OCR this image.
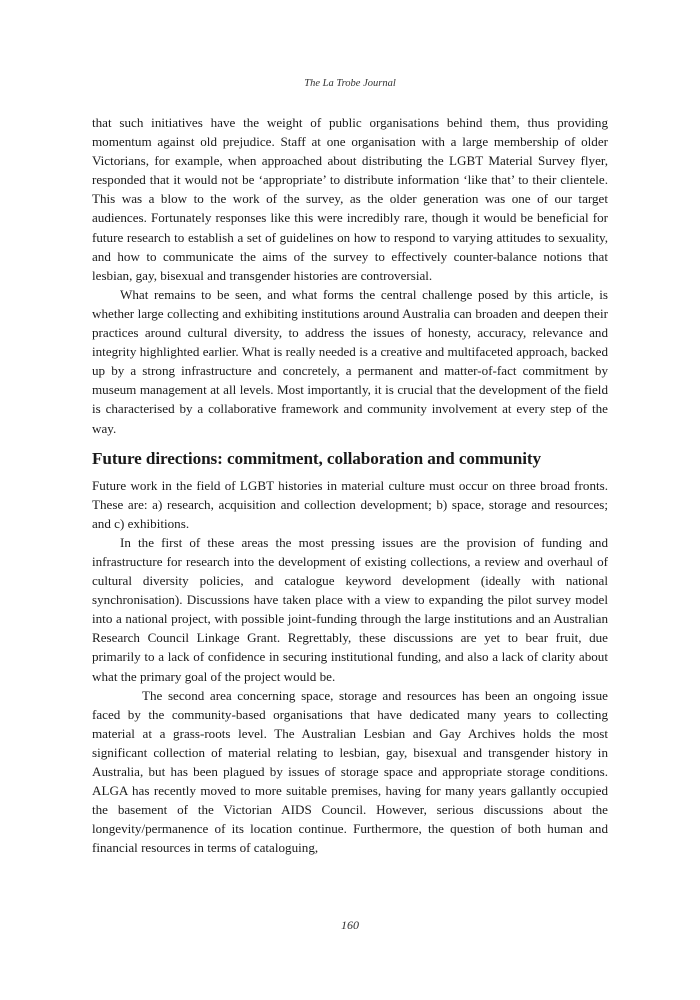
The La Trobe Journal

that such initiatives have the weight of public organisations behind them, thus providing momentum against old prejudice. Staff at one organisation with a large membership of older Victorians, for example, when approached about distributing the LGBT Material Survey flyer, responded that it would not be ‘appropriate’ to distribute information ‘like that’ to their clientele. This was a blow to the work of the survey, as the older generation was one of our target audiences. Fortunately responses like this were incredibly rare, though it would be beneficial for future research to establish a set of guidelines on how to respond to varying attitudes to sexuality, and how to communicate the aims of the survey to effectively counter-balance notions that lesbian, gay, bisexual and transgender histories are controversial.

What remains to be seen, and what forms the central challenge posed by this article, is whether large collecting and exhibiting institutions around Australia can broaden and deepen their practices around cultural diversity, to address the issues of honesty, accuracy, relevance and integrity highlighted earlier. What is really needed is a creative and multifaceted approach, backed up by a strong infrastructure and concretely, a permanent and matter-of-fact commitment by museum management at all levels. Most importantly, it is crucial that the development of the field is characterised by a collaborative framework and community involvement at every step of the way.

Future directions: commitment, collaboration and community

Future work in the field of LGBT histories in material culture must occur on three broad fronts. These are: a) research, acquisition and collection development; b) space, storage and resources; and c) exhibitions.

In the first of these areas the most pressing issues are the provision of funding and infrastructure for research into the development of existing collections, a review and overhaul of cultural diversity policies, and catalogue keyword development (ideally with national synchronisation). Discussions have taken place with a view to expanding the pilot survey model into a national project, with possible joint-funding through the large institutions and an Australian Research Council Linkage Grant. Regrettably, these discussions are yet to bear fruit, due primarily to a lack of confidence in securing institutional funding, and also a lack of clarity about what the primary goal of the project would be.

The second area concerning space, storage and resources has been an ongoing issue faced by the community-based organisations that have dedicated many years to collecting material at a grass-roots level. The Australian Lesbian and Gay Archives holds the most significant collection of material relating to lesbian, gay, bisexual and transgender history in Australia, but has been plagued by issues of storage space and appropriate storage conditions. ALGA has recently moved to more suitable premises, having for many years gallantly occupied the basement of the Victorian AIDS Council. However, serious discussions about the longevity/permanence of its location continue. Furthermore, the question of both human and financial resources in terms of cataloguing,

160
